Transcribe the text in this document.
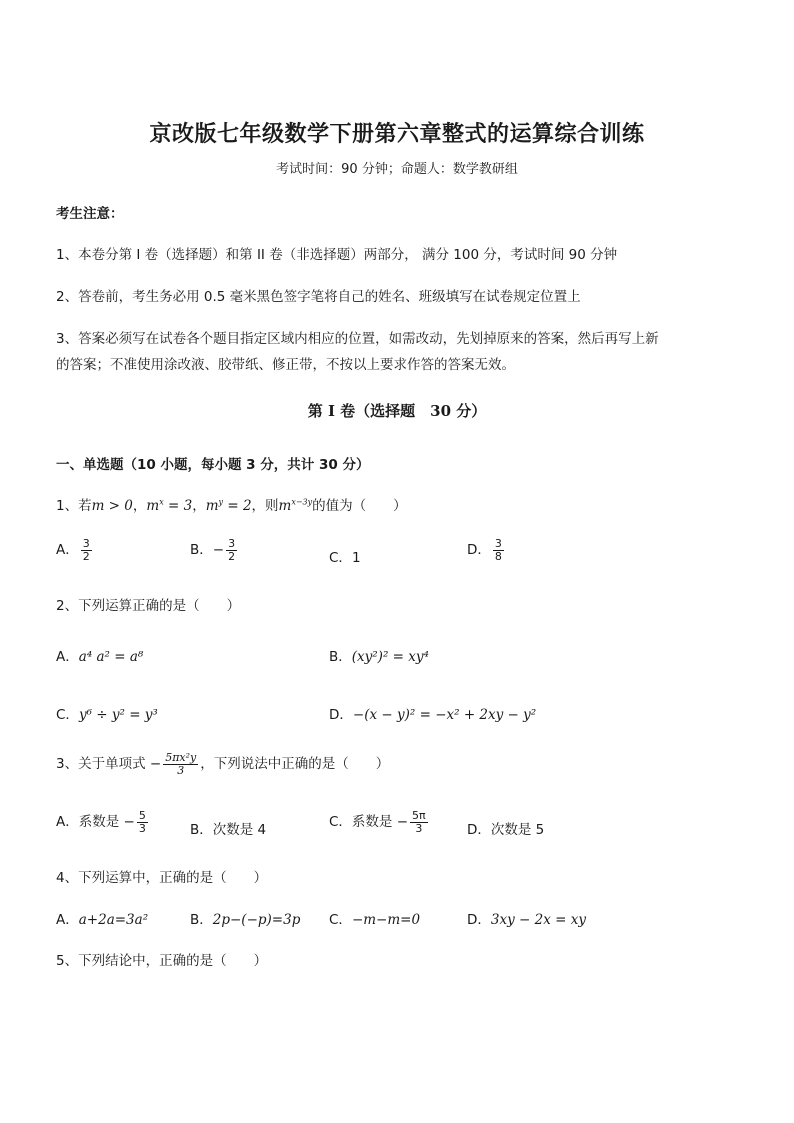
京改版七年级数学下册第六章整式的运算综合训练
考试时间：90 分钟；命题人：数学教研组
考生注意：
1、本卷分第 I 卷（选择题）和第 II 卷（非选择题）两部分， 满分 100 分，考试时间 90 分钟
2、答卷前，考生务必用 0.5 毫米黑色签字笔将自己的姓名、班级填写在试卷规定位置上
3、答案必须写在试卷各个题目指定区域内相应的位置，如需改动，先划掉原来的答案，然后再写上新
的答案；不准使用涂改液、胶带纸、修正带，不按以上要求作答的答案无效。
第 I 卷（选择题　30 分）
一、单选题（10 小题，每小题 3 分，共计 30 分）
1、若m > 0，$m^x = 3$，$m^y = 2$，则$m^{x-3y}$的值为（　　）
A． $\frac{3}{2}$	B．− $\frac{3}{2}$	C．1	D． $\frac{3}{8}$
2、下列运算正确的是（　　）
A．a⁴ a² = a⁸	B．(xy²)² = xy⁴
C．y⁶ ÷ y² = y³	D．−(x − y)² = −x² + 2xy − y²
3、关于单项式 − $\frac{\text{5πx²y}}{3}$ ，下列说法中正确的是（　　）
A．系数是 − $\frac{5}{3}$	B．次数是 4	C．系数是 − $\frac{5\pi}{3}$	D．次数是 5
4、下列运算中，正确的是（　　）
A．a+2a=3a²	B．2p−(−p)=3p C．−m−m=0	D．3xy − 2x = xy
5、下列结论中，正确的是（　　）
